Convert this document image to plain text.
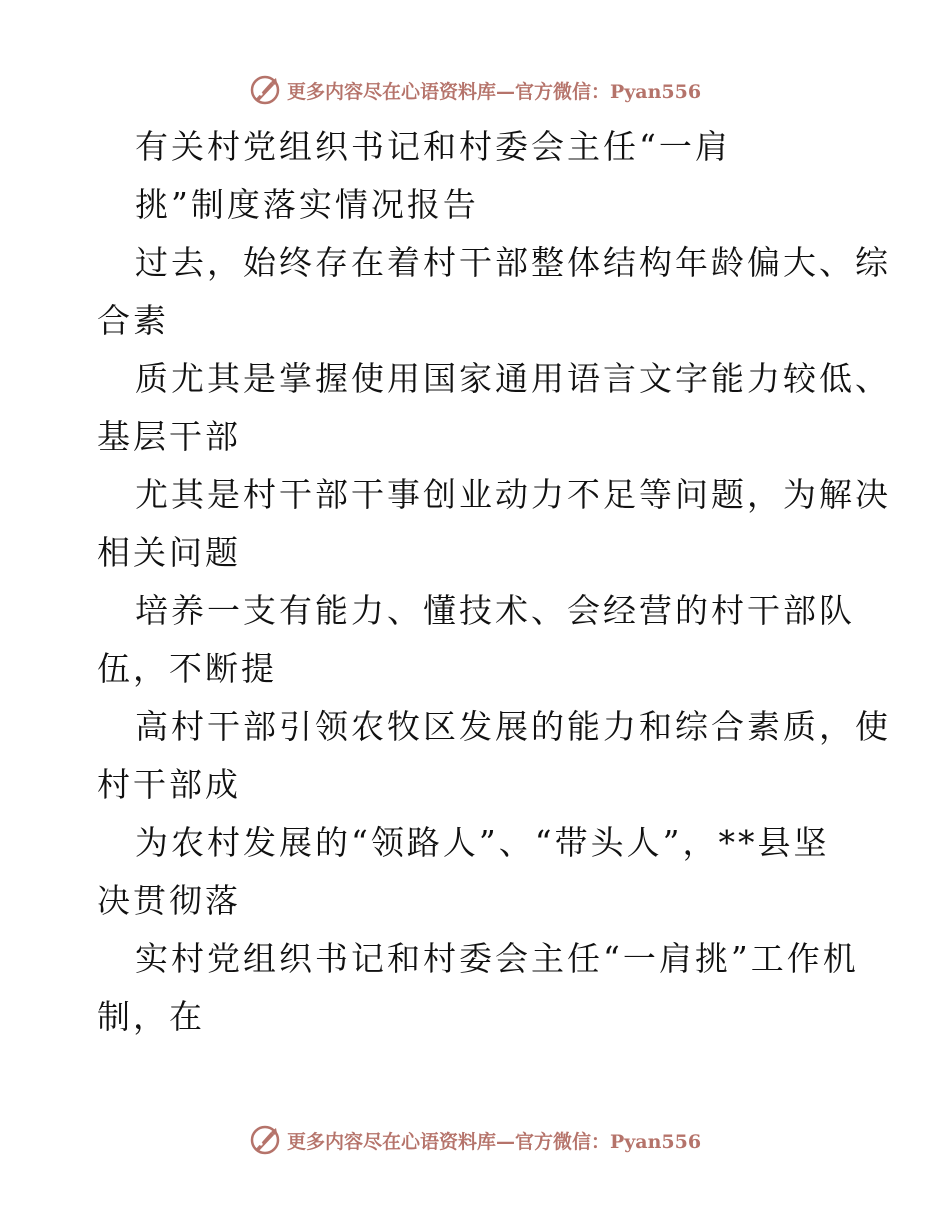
更多内容尽在心语资料库—官方微信：Pyan556
有关村党组织书记和村委会主任“一肩
挑”制度落实情况报告
过去，始终存在着村干部整体结构年龄偏大、综
合素
质尤其是掌握使用国家通用语言文字能力较低、
基层干部
尤其是村干部干事创业动力不足等问题，为解决
相关问题
培养一支有能力、懂技术、会经营的村干部队
伍，不断提
高村干部引领农牧区发展的能力和综合素质，使
村干部成
为农村发展的“领路人”、“带头人”，**县坚
决贯彻落
实村党组织书记和村委会主任“一肩挑”工作机
制，在
更多内容尽在心语资料库—官方微信：Pyan556
